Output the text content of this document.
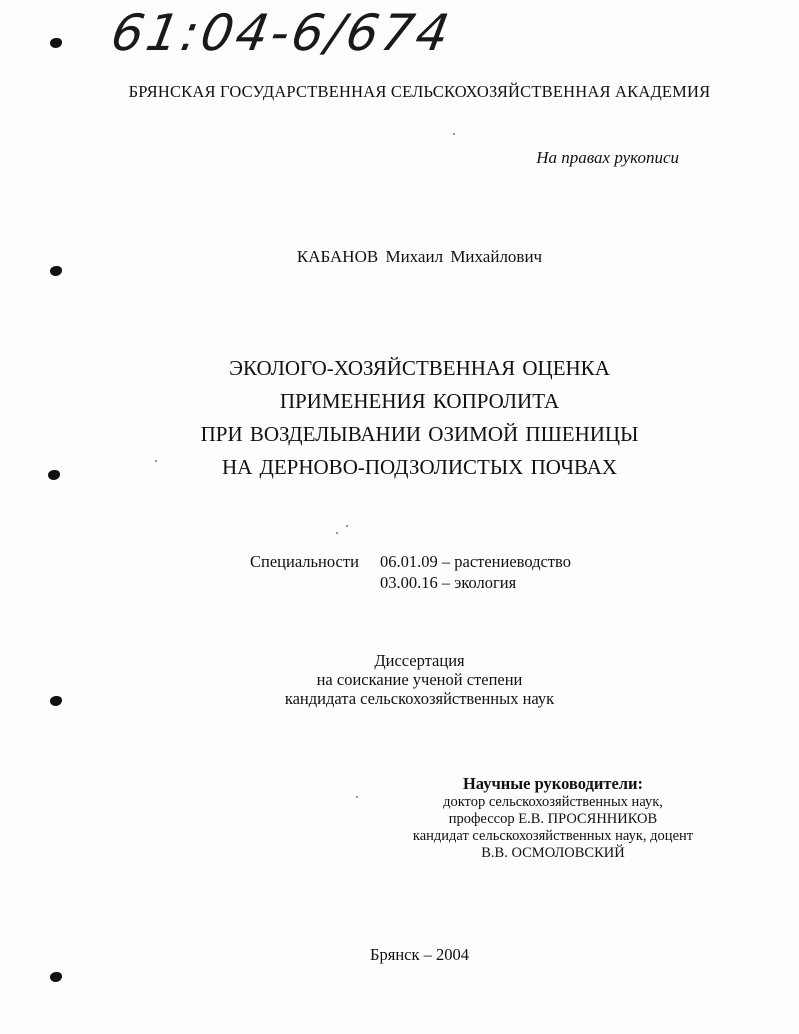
61:04-6/674
БРЯНСКАЯ ГОСУДАРСТВЕННАЯ СЕЛЬСКОХОЗЯЙСТВЕННАЯ АКАДЕМИЯ
На правах рукописи
КАБАНОВ Михаил Михайлович
ЭКОЛОГО-ХОЗЯЙСТВЕННАЯ ОЦЕНКА
ПРИМЕНЕНИЯ КОПРОЛИТА
ПРИ ВОЗДЕЛЫВАНИИ ОЗИМОЙ ПШЕНИЦЫ
НА ДЕРНОВО-ПОДЗОЛИСТЫХ ПОЧВАХ
Специальности 06.01.09 – растениеводство
03.00.16 – экология
Диссертация
на соискание ученой степени
кандидата сельскохозяйственных наук
Научные руководители:
доктор сельскохозяйственных наук,
профессор Е.В. ПРОСЯННИКОВ
кандидат сельскохозяйственных наук, доцент
В.В. ОСМОЛОВСКИЙ
Брянск – 2004
